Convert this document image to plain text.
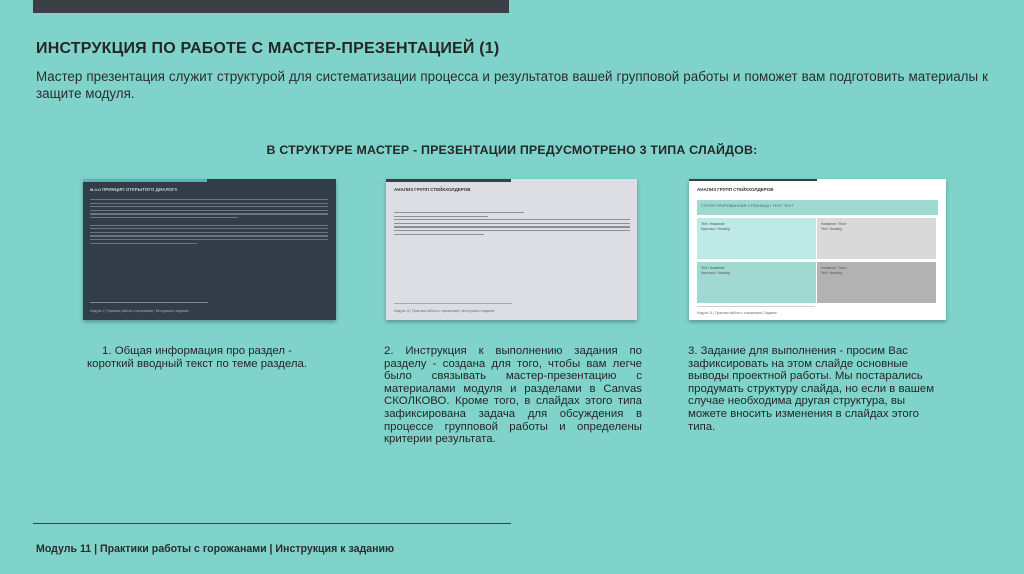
ИНСТРУКЦИЯ ПО РАБОТЕ С МАСТЕР-ПРЕЗЕНТАЦИЕЙ (1)
Мастер презентация служит структурой для систематизации процесса и результатов вашей групповой работы и поможет вам подготовить материалы к защите модуля.
В СТРУКТУРЕ МАСТЕР - ПРЕЗЕНТАЦИИ ПРЕДУСМОТРЕНО 3 ТИПА СЛАЙДОВ:
м.з.о ПРИНЦИП ОТКРЫТОГО ДИАЛОГА
Модуль 1 | Практики работы с горожанами | Инструкция к заданию
АНАЛИЗ ГРУПП СТЕЙКХОЛДЕРОВ
Модуль 11 | Практики работы с горожанами | Инструкция к заданию
АНАЛИЗ ГРУПП СТЕЙКХОЛДЕРОВ
СТРУКТУРИРОВАННАЯ СТРАНИЦА / TEXT TEXT
Text / Название
Карточка / Heading
Название / Текст
Text / Heading
Text / Название
Карточка / Heading
Название / Текст
Text / Heading
Модуль 11 | Практики работы с горожанами | Задание
1. Общая информация про раздел - короткий вводный текст по теме раздела.
2. Инструкция к выполнению задания по разделу - создана для того, чтобы вам легче было связывать мастер-презентацию с материалами модуля и разделами в Canvas СКОЛКОВО. Кроме того, в слайдах этого типа зафиксирована задача для обсуждения в процессе групповой работы и определены критерии результата.
3. Задание для выполнения - просим Вас зафиксировать на этом слайде основные выводы проектной работы. Мы постарались продумать структуру слайда, но если в вашем случае необходима другая структура, вы можете вносить изменения в слайдах этого типа.
Модуль 11 | Практики работы с горожанами | Инструкция к заданию
